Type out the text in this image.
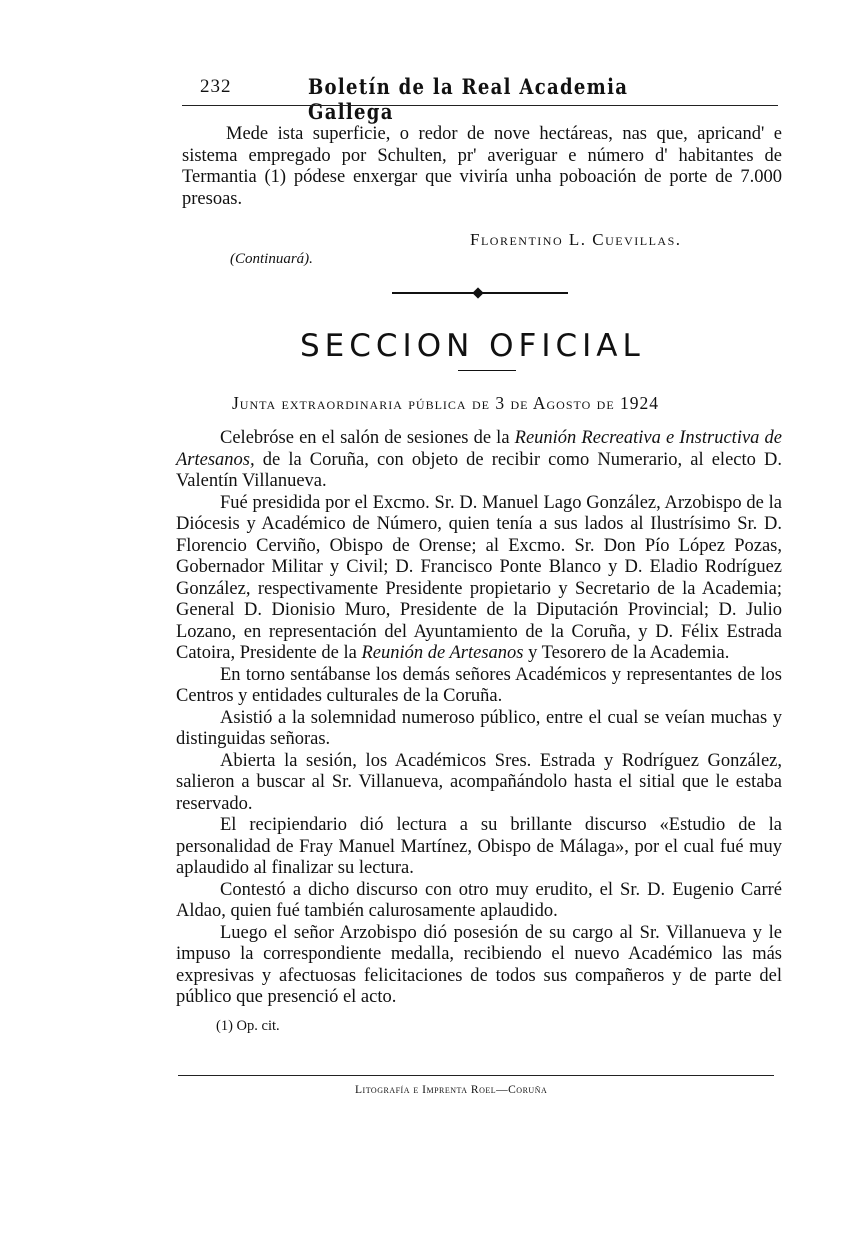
232	Boletín de la Real Academia Gallega
Mede ista superficie, o redor de nove hectáreas, nas que, apricand' e sistema empregado por Schulten, pr' averiguar e número d' habitantes de Termantia (1) pódese enxergar que viviría unha poboación de porte de 7.000 presoas.
Florentino L. Cuevillas.
(Continuará).
SECCION OFICIAL
Junta extraordinaria pública de 3 de Agosto de 1924

Celebróse en el salón de sesiones de la Reunión Recreativa e Instructiva de Artesanos, de la Coruña, con objeto de recibir como Numerario, al electo D. Valentín Villanueva.

Fué presidida por el Excmo. Sr. D. Manuel Lago González, Arzobispo de la Diócesis y Académico de Número, quien tenía a sus lados al Ilustrísimo Sr. D. Florencio Cerviño, Obispo de Orense; al Excmo. Sr. Don Pío López Pozas, Gobernador Militar y Civil; D. Francisco Ponte Blanco y D. Eladio Rodríguez González, respectivamente Presidente propietario y Secretario de la Academia; General D. Dionisio Muro, Presidente de la Diputación Provincial; D. Julio Lozano, en representación del Ayuntamiento de la Coruña, y D. Félix Estrada Catoira, Presidente de la Reunión de Artesanos y Tesorero de la Academia.

En torno sentábanse los demás señores Académicos y representantes de los Centros y entidades culturales de la Coruña.

Asistió a la solemnidad numeroso público, entre el cual se veían muchas y distinguidas señoras.

Abierta la sesión, los Académicos Sres. Estrada y Rodríguez González, salieron a buscar al Sr. Villanueva, acompañándolo hasta el sitial que le estaba reservado.

El recipiendario dió lectura a su brillante discurso «Estudio de la personalidad de Fray Manuel Martínez, Obispo de Málaga», por el cual fué muy aplaudido al finalizar su lectura.

Contestó a dicho discurso con otro muy erudito, el Sr. D. Eugenio Carré Aldao, quien fué también calurosamente aplaudido.

Luego el señor Arzobispo dió posesión de su cargo al Sr. Villanueva y le impuso la correspondiente medalla, recibiendo el nuevo Académico las más expresivas y afectuosas felicitaciones de todos sus compañeros y de parte del público que presenció el acto.

(1) Op. cit.
Litografía e Imprenta Roel—Coruña
